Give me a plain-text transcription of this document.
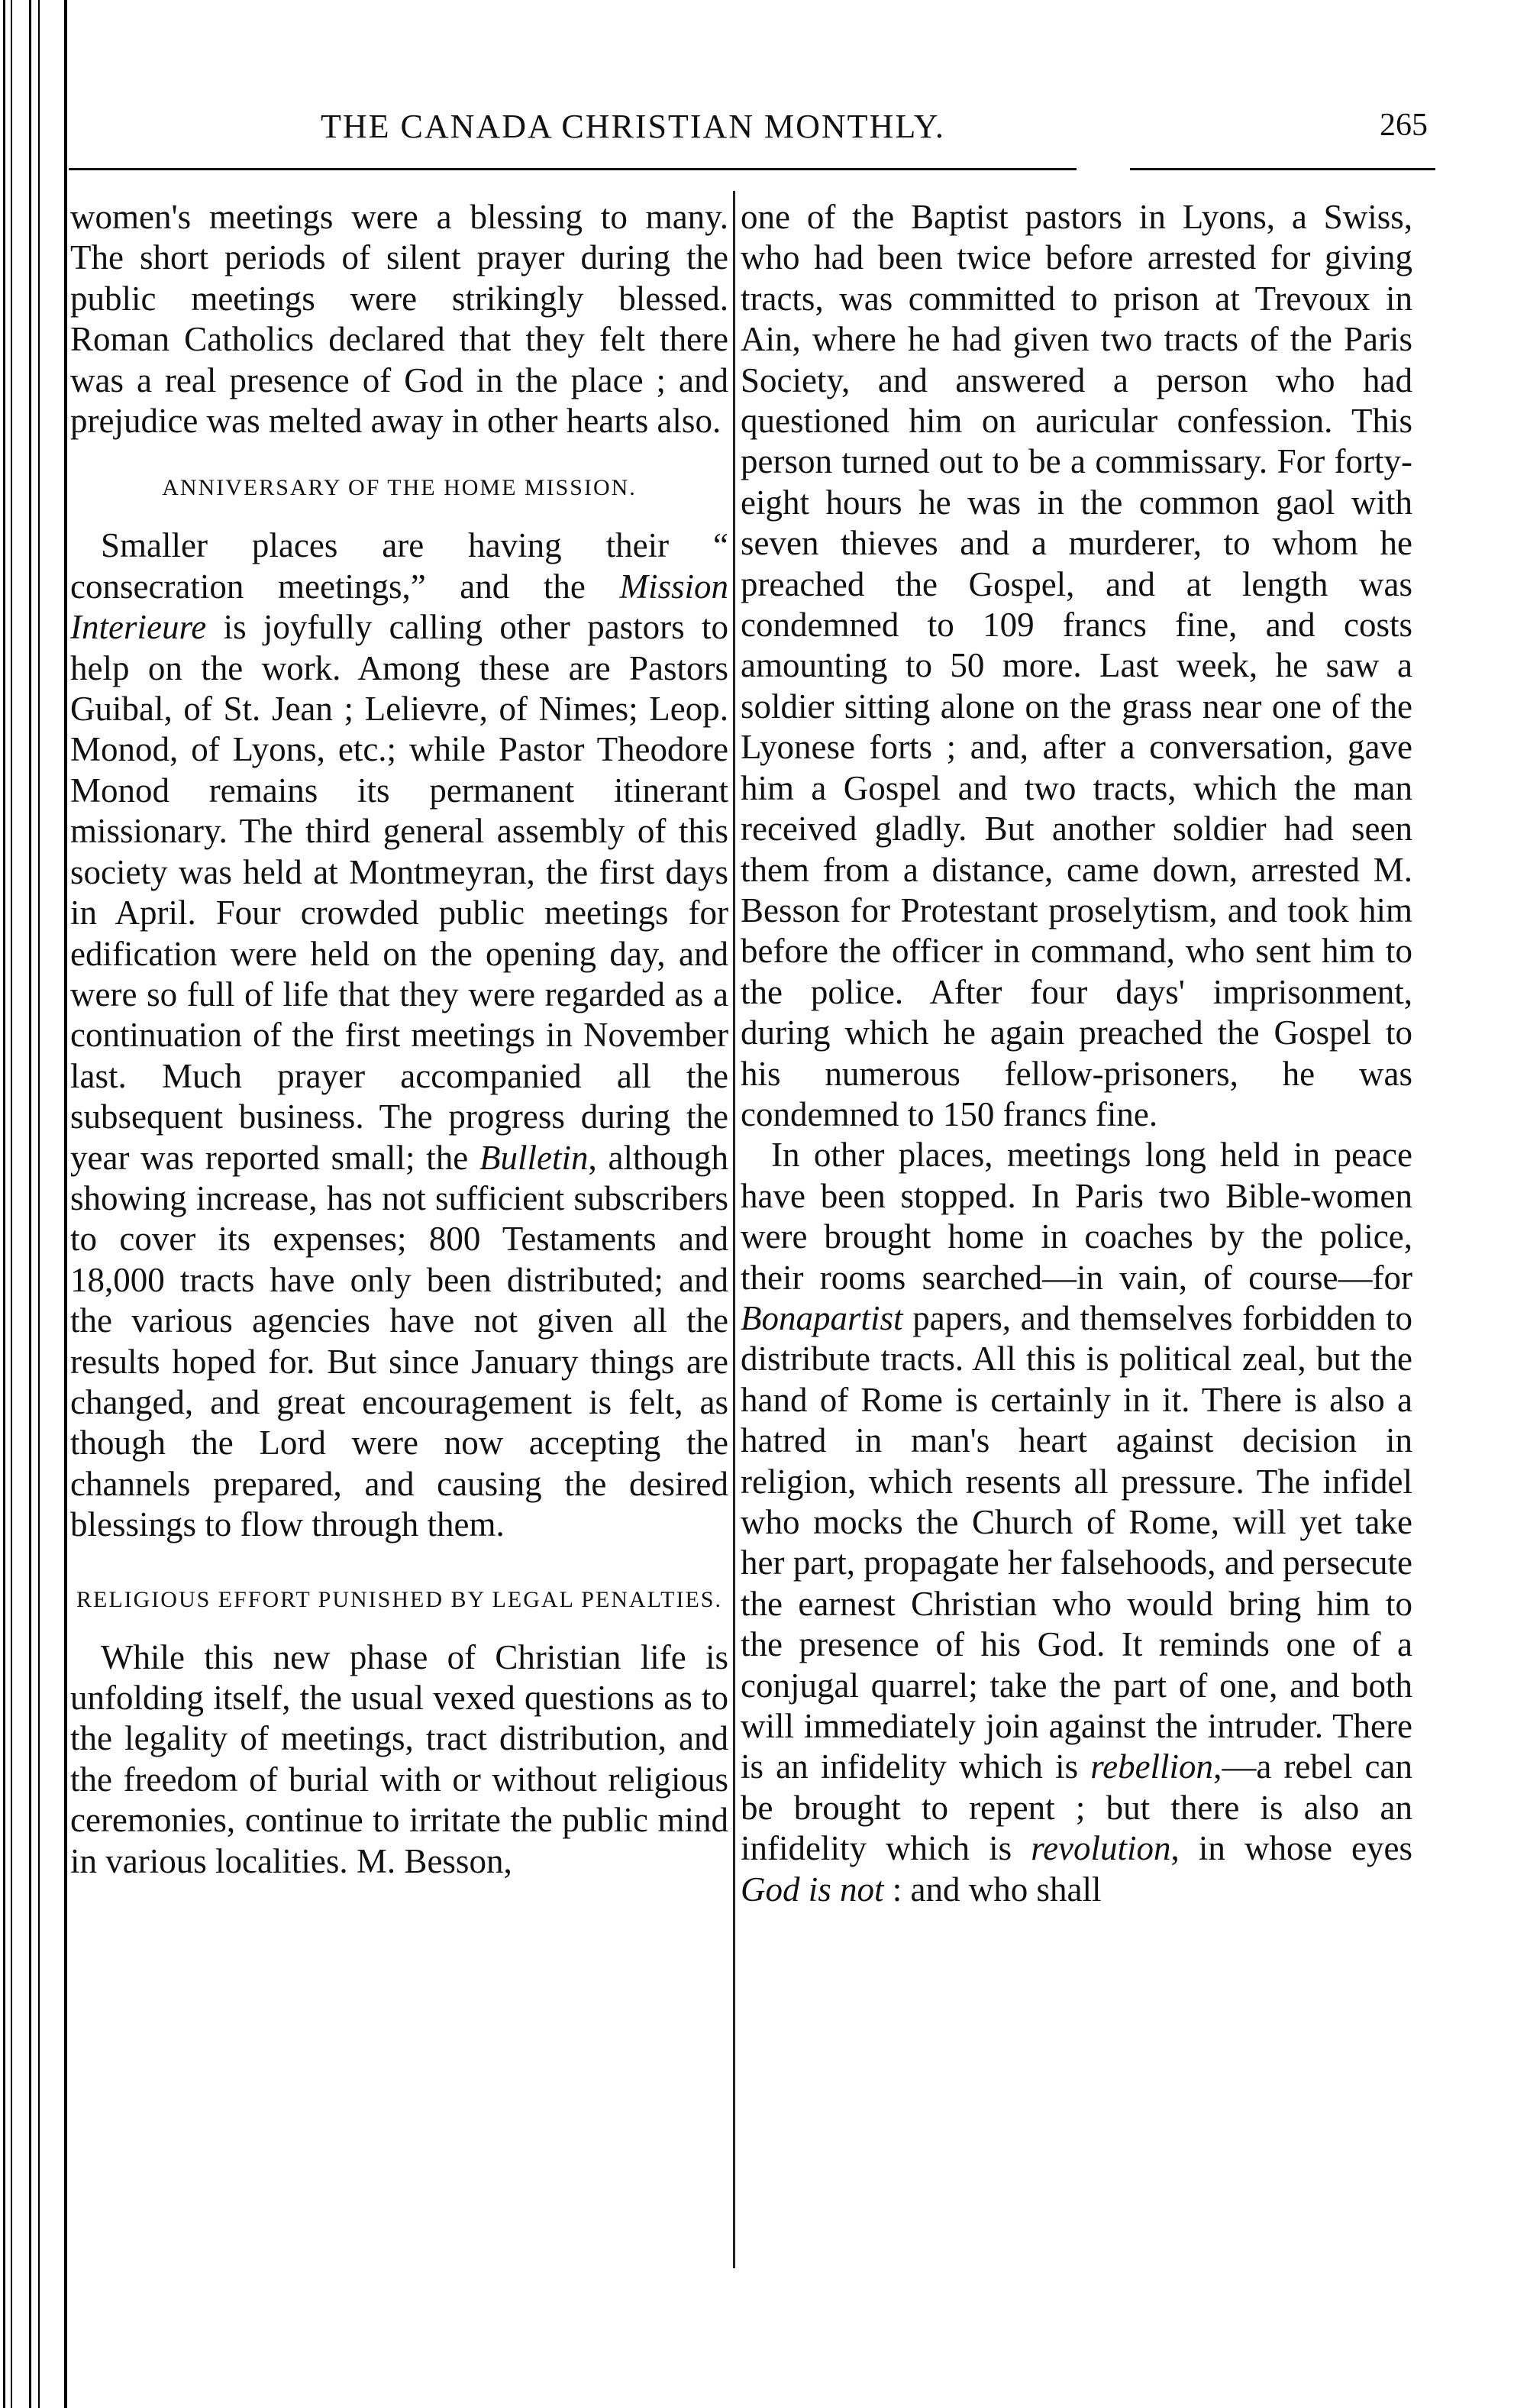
THE CANADA CHRISTIAN MONTHLY.	265

women's meetings were a blessing to many. The short periods of silent prayer during the public meetings were strikingly blessed. Roman Catholics declared that they felt there was a real presence of God in the place ; and prejudice was melted away in other hearts also.

ANNIVERSARY OF THE HOME MISSION.

Smaller places are having their “ consecration meetings,” and the Mission Interieure is joyfully calling other pastors to help on the work. Among these are Pastors Guibal, of St. Jean ; Lelievre, of Nimes; Leop. Monod, of Lyons, etc.; while Pastor Theodore Monod remains its permanent itinerant missionary. The third general assembly of this society was held at Montmeyran, the first days in April. Four crowded public meetings for edification were held on the opening day, and were so full of life that they were regarded as a continuation of the first meetings in November last. Much prayer accompanied all the subsequent business. The progress during the year was reported small; the Bulletin, although showing increase, has not sufficient subscribers to cover its expenses; 800 Testaments and 18,000 tracts have only been distributed; and the various agencies have not given all the results hoped for. But since January things are changed, and great encouragement is felt, as though the Lord were now accepting the channels prepared, and causing the desired blessings to flow through them.

RELIGIOUS EFFORT PUNISHED BY LEGAL PENALTIES.

While this new phase of Christian life is unfolding itself, the usual vexed questions as to the legality of meetings, tract distribution, and the freedom of burial with or without religious ceremonies, continue to irritate the public mind in various localities. M. Besson,

one of the Baptist pastors in Lyons, a Swiss, who had been twice before arrested for giving tracts, was committed to prison at Trevoux in Ain, where he had given two tracts of the Paris Society, and answered a person who had questioned him on auricular confession. This person turned out to be a commissary. For forty-eight hours he was in the common gaol with seven thieves and a murderer, to whom he preached the Gospel, and at length was condemned to 109 francs fine, and costs amounting to 50 more. Last week, he saw a soldier sitting alone on the grass near one of the Lyonese forts ; and, after a conversation, gave him a Gospel and two tracts, which the man received gladly. But another soldier had seen them from a distance, came down, arrested M. Besson for Protestant proselytism, and took him before the officer in command, who sent him to the police. After four days' imprisonment, during which he again preached the Gospel to his numerous fellow-prisoners, he was condemned to 150 francs fine.

In other places, meetings long held in peace have been stopped. In Paris two Bible-women were brought home in coaches by the police, their rooms searched—in vain, of course—for Bonapartist papers, and themselves forbidden to distribute tracts. All this is political zeal, but the hand of Rome is certainly in it. There is also a hatred in man's heart against decision in religion, which resents all pressure. The infidel who mocks the Church of Rome, will yet take her part, propagate her falsehoods, and persecute the earnest Christian who would bring him to the presence of his God. It reminds one of a conjugal quarrel; take the part of one, and both will immediately join against the intruder. There is an infidelity which is rebellion,—a rebel can be brought to repent ; but there is also an infidelity which is revolution, in whose eyes God is not : and who shall
